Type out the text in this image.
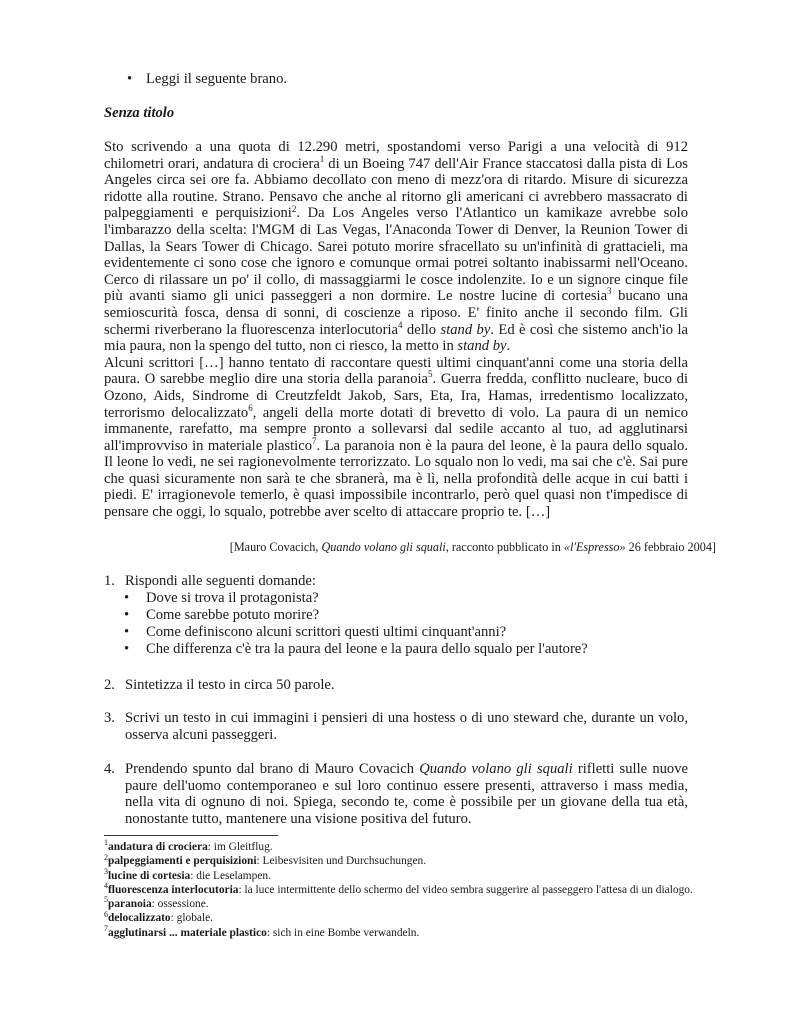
• Leggi il seguente brano.
Senza titolo

Sto scrivendo a una quota di 12.290 metri, spostandomi verso Parigi a una velocità di 912 chilometri orari, andatura di crociera$^1$ di un Boeing 747 dell'Air France staccatosi dalla pista di Los Angeles circa sei ore fa. Abbiamo decollato con meno di mezz'ora di ritardo. Misure di sicurezza ridotte alla routine. Strano. Pensavo che anche al ritorno gli americani ci avrebbero massacrato di palpeggiamenti e perquisizioni$^2$. Da Los Angeles verso l'Atlantico un kamikaze avrebbe solo l'imbarazzo della scelta: l'MGM di Las Vegas, l'Anaconda Tower di Denver, la Reunion Tower di Dallas, la Sears Tower di Chicago. Sarei potuto morire sfracellato su un'infinità di grattacieli, ma evidentemente ci sono cose che ignoro e comunque ormai potrei soltanto inabissarmi nell'Oceano. Cerco di rilassare un po' il collo, di massaggiarmi le cosce indolenzite. Io e un signore cinque file più avanti siamo gli unici passeggeri a non dormire. Le nostre lucine di cortesia$^3$ bucano una semioscurità fosca, densa di sonni, di coscienze a riposo. E' finito anche il secondo film. Gli schermi riverberano la fluorescenza interlocutoria$^4$ dello stand by. Ed è così che sistemo anch'io la mia paura, non la spengo del tutto, non ci riesco, la metto in stand by.

Alcuni scrittori […] hanno tentato di raccontare questi ultimi cinquant'anni come una storia della paura. O sarebbe meglio dire una storia della paranoia$^5$. Guerra fredda, conflitto nucleare, buco di Ozono, Aids, Sindrome di Creutzfeldt Jakob, Sars, Eta, Ira, Hamas, irredentismo localizzato, terrorismo delocalizzato$^6$, angeli della morte dotati di brevetto di volo. La paura di un nemico immanente, rarefatto, ma sempre pronto a sollevarsi dal sedile accanto al tuo, ad agglutinarsi all'improvviso in materiale plastico$^7$. La paranoia non è la paura del leone, è la paura dello squalo. Il leone lo vedi, ne sei ragionevolmente terrorizzato. Lo squalo non lo vedi, ma sai che c'è. Sai pure che quasi sicuramente non sarà te che sbranerà, ma è lì, nella profondità delle acque in cui batti i piedi. E' irragionevole temerlo, è quasi impossibile incontrarlo, però quel quasi non t'impedisce di pensare che oggi, lo squalo, potrebbe aver scelto di attaccare proprio te. […]

[Mauro Covacich, Quando volano gli squali, racconto pubblicato in «l'Espresso» 26 febbraio 2004]
1. Rispondi alle seguenti domande:
• Dove si trova il protagonista?
• Come sarebbe potuto morire?
• Come definiscono alcuni scrittori questi ultimi cinquant'anni?
• Che differenza c'è tra la paura del leone e la paura dello squalo per l'autore?
2. Sintetizza il testo in circa 50 parole.
3. Scrivi un testo in cui immagini i pensieri di una hostess o di uno steward che, durante un volo, osserva alcuni passeggeri.
4. Prendendo spunto dal brano di Mauro Covacich Quando volano gli squali rifletti sulle nuove paure dell'uomo contemporaneo e sul loro continuo essere presenti, attraverso i mass media, nella vita di ognuno di noi. Spiega, secondo te, come è possibile per un giovane della tua età, nonostante tutto, mantenere una visione positiva del futuro.
$^1$andatura di crociera: im Gleitflug.
$^2$palpeggiamenti e perquisizioni: Leibesvisiten und Durchsuchungen.
$^3$lucine di cortesia: die Leselampen.
$^4$fluorescenza interlocutoria: la luce intermittente dello schermo del video sembra suggerire al passeggero l'attesa di un dialogo.
$^5$paranoia: ossessione.
$^6$delocalizzato: globale.
$^7$agglutinarsi ... materiale plastico: sich in eine Bombe verwandeln.
